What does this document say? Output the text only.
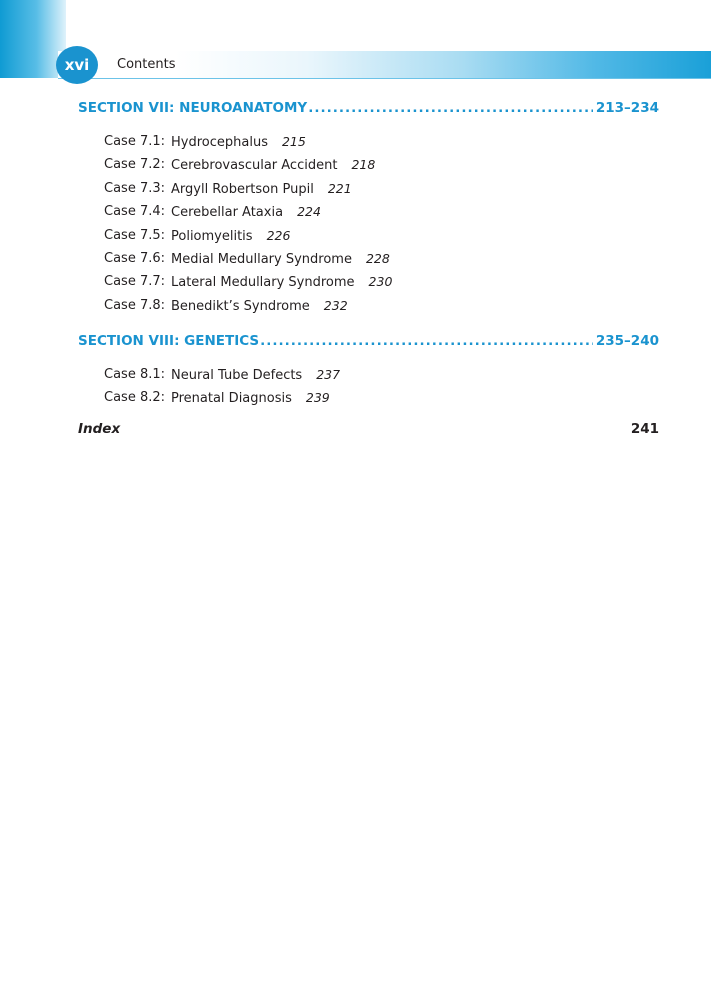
xvi	Contents
SECTION VII: NEUROANATOMY .....	213–234
Case 7.1: Hydrocephalus 215
Case 7.2: Cerebrovascular Accident 218
Case 7.3: Argyll Robertson Pupil 221
Case 7.4: Cerebellar Ataxia 224
Case 7.5: Poliomyelitis 226
Case 7.6: Medial Medullary Syndrome 228
Case 7.7: Lateral Medullary Syndrome 230
Case 7.8: Benedikt’s Syndrome 232
SECTION VIII: GENETICS .....	235–240
Case 8.1: Neural Tube Defects 237
Case 8.2: Prenatal Diagnosis 239
Index	241
